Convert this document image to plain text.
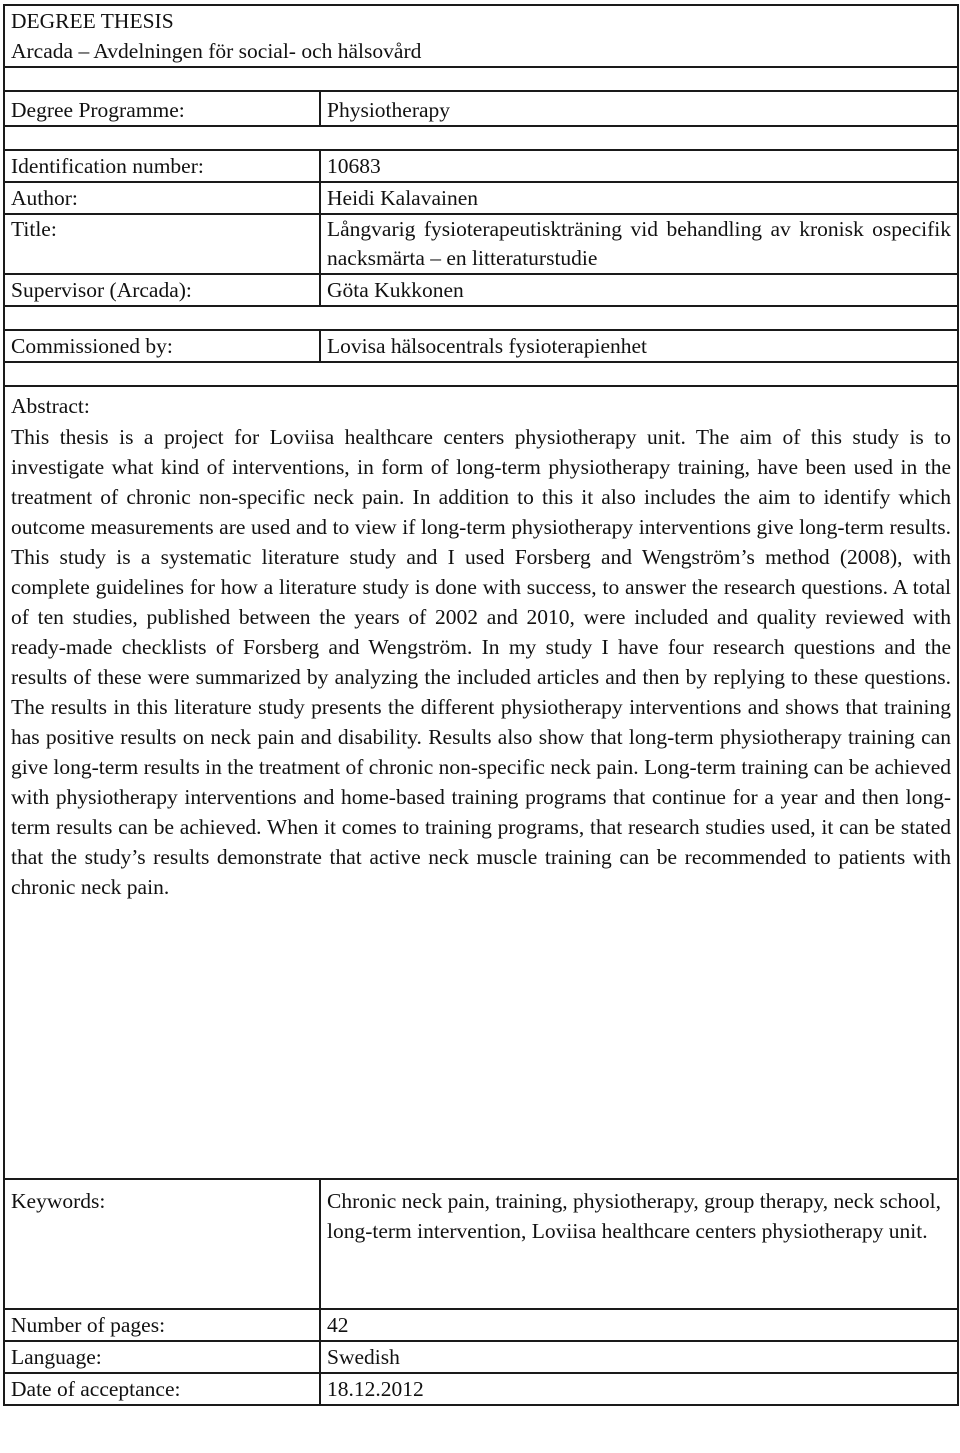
DEGREE THESIS	
Arcada – Avdelningen för social- och hälsovård	

Degree Programme:	Physiotherapy

Identification number:	10683
Author:	Heidi Kalavainen
Title:	Långvarig fysioterapeutiskträning vid behandling av kronisk ospecifik nacksmärta – en litteraturstudie
Supervisor (Arcada):	Göta Kukkonen

Commissioned by:	Lovisa hälsocentrals fysioterapienhet

Abstract:

This thesis is a project for Loviisa healthcare centers physiotherapy unit. The aim of this study is to investigate what kind of interventions, in form of long-term physiotherapy training, have been used in the treatment of chronic non-specific neck pain. In addition to this it also includes the aim to identify which outcome measurements are used and to view if long-term physiotherapy interventions give long-term results. This study is a systematic literature study and I used Forsberg and Wengström’s method (2008), with complete guidelines for how a literature study is done with success, to answer the research questions. A total of ten studies, published between the years of 2002 and 2010, were included and quality reviewed with ready-made checklists of Forsberg and Wengström. In my study I have four research questions and the results of these were summarized by analyzing the included articles and then by replying to these questions. The results in this literature study presents the different physiotherapy interventions and shows that training has positive results on neck pain and disability. Results also show that long-term physiotherapy training can give long-term results in the treatment of chronic non-specific neck pain. Long-term training can be achieved with physiotherapy interventions and home-based training programs that continue for a year and then long-term results can be achieved. When it comes to training programs, that research studies used, it can be stated that the study’s results demonstrate that active neck muscle training can be recommended to patients with chronic neck pain.	

Keywords:	Chronic neck pain, training, physiotherapy, group therapy, neck school, long-term intervention, Loviisa healthcare centers physiotherapy unit.
Number of pages:	42
Language:	Swedish
Date of acceptance:	18.12.2012
